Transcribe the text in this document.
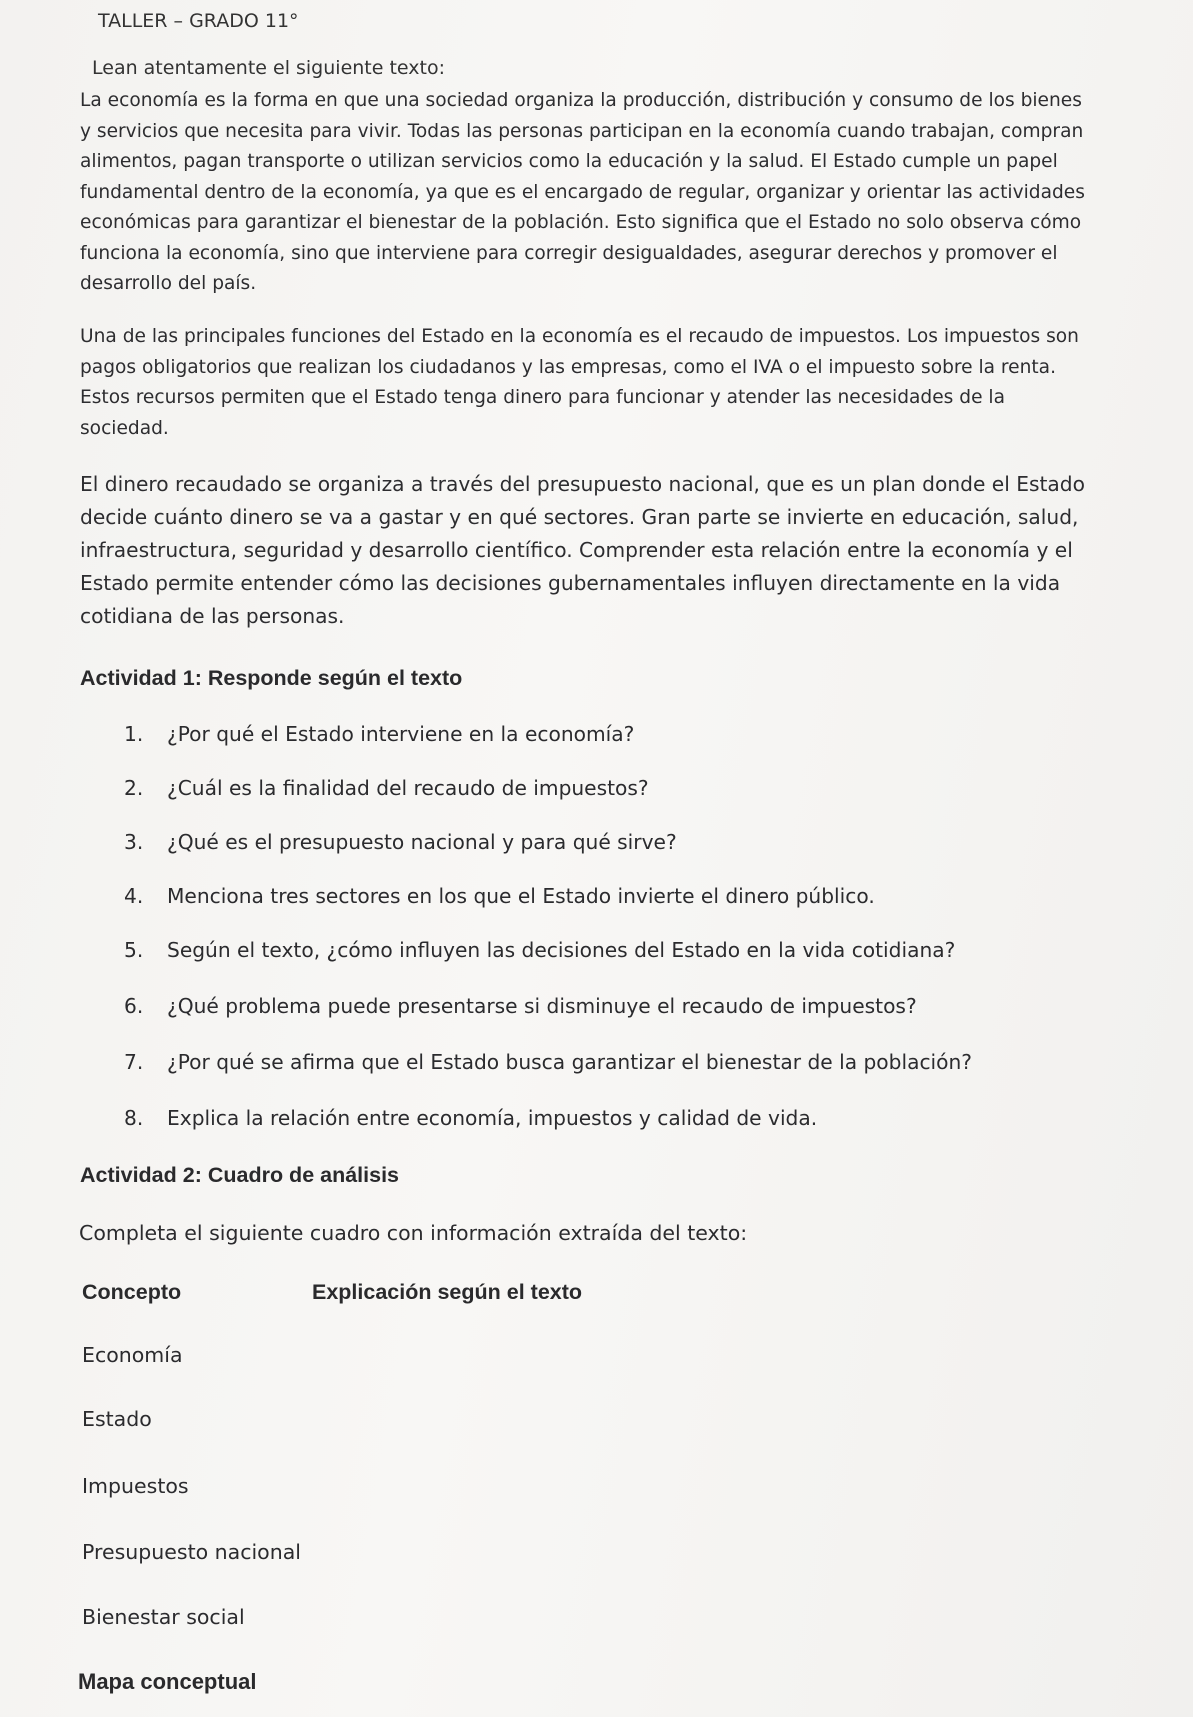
TALLER – GRADO 11°
Lean atentamente el siguiente texto:
La economía es la forma en que una sociedad organiza la producción, distribución y consumo de los bienes y servicios que necesita para vivir. Todas las personas participan en la economía cuando trabajan, compran alimentos, pagan transporte o utilizan servicios como la educación y la salud. El Estado cumple un papel fundamental dentro de la economía, ya que es el encargado de regular, organizar y orientar las actividades económicas para garantizar el bienestar de la población. Esto significa que el Estado no solo observa cómo funciona la economía, sino que interviene para corregir desigualdades, asegurar derechos y promover el desarrollo del país.
Una de las principales funciones del Estado en la economía es el recaudo de impuestos. Los impuestos son pagos obligatorios que realizan los ciudadanos y las empresas, como el IVA o el impuesto sobre la renta. Estos recursos permiten que el Estado tenga dinero para funcionar y atender las necesidades de la sociedad.
El dinero recaudado se organiza a través del presupuesto nacional, que es un plan donde el Estado decide cuánto dinero se va a gastar y en qué sectores. Gran parte se invierte en educación, salud, infraestructura, seguridad y desarrollo científico. Comprender esta relación entre la economía y el Estado permite entender cómo las decisiones gubernamentales influyen directamente en la vida cotidiana de las personas.
Actividad 1: Responde según el texto
1. ¿Por qué el Estado interviene en la economía?
2. ¿Cuál es la finalidad del recaudo de impuestos?
3. ¿Qué es el presupuesto nacional y para qué sirve?
4. Menciona tres sectores en los que el Estado invierte el dinero público.
5. Según el texto, ¿cómo influyen las decisiones del Estado en la vida cotidiana?
6. ¿Qué problema puede presentarse si disminuye el recaudo de impuestos?
7. ¿Por qué se afirma que el Estado busca garantizar el bienestar de la población?
8. Explica la relación entre economía, impuestos y calidad de vida.
Actividad 2: Cuadro de análisis
Completa el siguiente cuadro con información extraída del texto:
Concepto	Explicación según el texto
Economía
Estado
Impuestos
Presupuesto nacional
Bienestar social
Mapa conceptual
